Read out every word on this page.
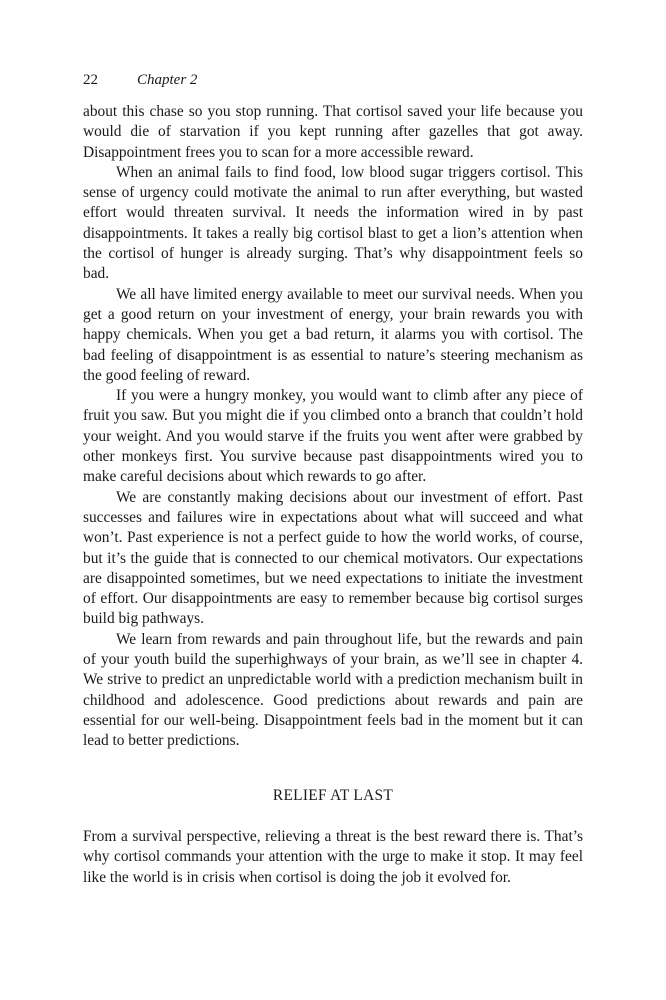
22	Chapter 2

about this chase so you stop running. That cortisol saved your life because you would die of starvation if you kept running after gazelles that got away. Disappointment frees you to scan for a more accessible reward.

When an animal fails to find food, low blood sugar triggers cortisol. This sense of urgency could motivate the animal to run after everything, but wasted effort would threaten survival. It needs the information wired in by past disappointments. It takes a really big cortisol blast to get a lion’s attention when the cortisol of hunger is already surging. That’s why disappointment feels so bad.

We all have limited energy available to meet our survival needs. When you get a good return on your investment of energy, your brain rewards you with happy chemicals. When you get a bad return, it alarms you with cortisol. The bad feeling of disappointment is as essential to nature’s steering mechanism as the good feeling of reward.

If you were a hungry monkey, you would want to climb after any piece of fruit you saw. But you might die if you climbed onto a branch that couldn’t hold your weight. And you would starve if the fruits you went after were grabbed by other monkeys first. You survive because past disappointments wired you to make careful decisions about which rewards to go after.

We are constantly making decisions about our investment of effort. Past successes and failures wire in expectations about what will succeed and what won’t. Past experience is not a perfect guide to how the world works, of course, but it’s the guide that is connected to our chemical motivators. Our expectations are disappointed sometimes, but we need expectations to initiate the investment of effort. Our disappointments are easy to remember because big cortisol surges build big pathways.

We learn from rewards and pain throughout life, but the rewards and pain of your youth build the superhighways of your brain, as we’ll see in chapter 4. We strive to predict an unpredictable world with a prediction mechanism built in childhood and adolescence. Good predictions about rewards and pain are essential for our well-being. Disappointment feels bad in the moment but it can lead to better predictions.

RELIEF AT LAST

From a survival perspective, relieving a threat is the best reward there is. That’s why cortisol commands your attention with the urge to make it stop. It may feel like the world is in crisis when cortisol is doing the job it evolved for.
